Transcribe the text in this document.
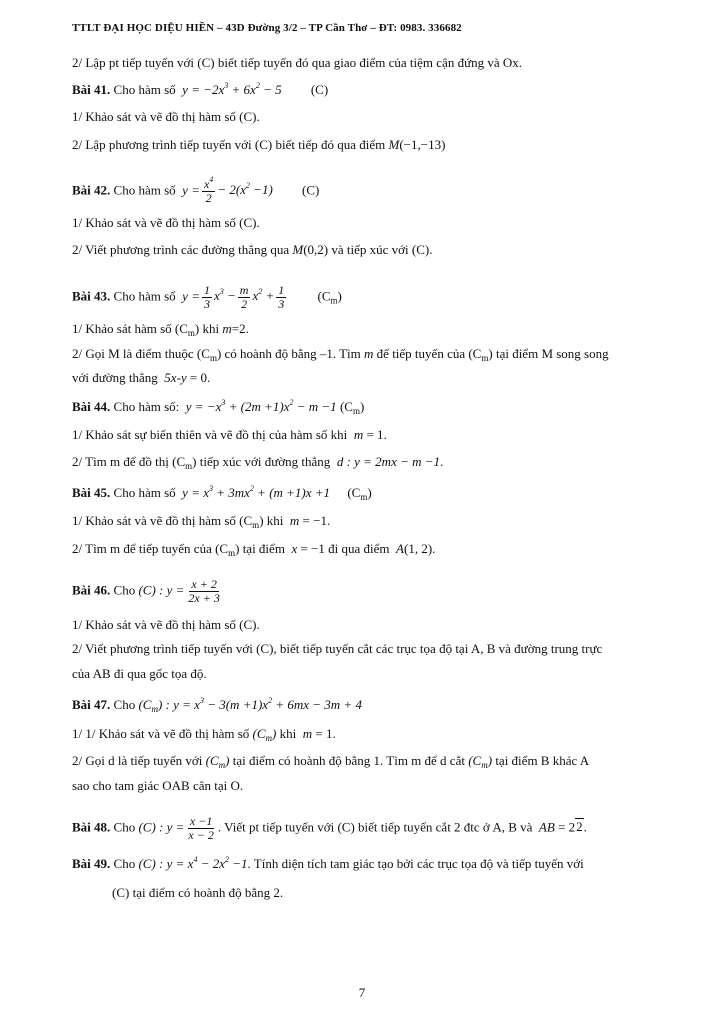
TTLT ĐẠI HỌC DIỆU HIỀN – 43D Đường 3/2 – TP Cần Thơ – ĐT: 0983. 336682
2/ Lập pt tiếp tuyến với (C) biết tiếp tuyến đó qua giao điểm của tiệm cận đứng và Ox.
Bài 41. Cho hàm số  $y = -2x^3 + 6x^2 - 5$ (C)
1/ Khảo sát và vẽ đồ thị hàm số (C).
2/ Lập phương trình tiếp tuyến với (C) biết tiếp đó qua điểm M(−1,−13)
Bài 42. Cho hàm số  $y = \frac{x^4}{2} - 2(x^2 -1)$ (C)
1/ Khảo sát và vẽ đồ thị hàm số (C).
2/ Viết phương trình các đường thẳng qua M(0,2) và tiếp xúc với (C).
Bài 43. Cho hàm số  $y = \frac{1}{3} x^3 - \frac{m}{2} x^2 + \frac{1}{3} (C_m)$
1/ Khảo sát hàm số $(C_m)$ khi m=2.
2/ Gọi M là điểm thuộc $(C_m)$ có hoành độ bằng –1. Tìm m để tiếp tuyến của $(C_m)$ tại điểm M song song
với đường thẳng  5x-y = 0.
Bài 44. Cho hàm số:  $y = -x^3 + (2m +1)x^2 - m -1$ $(C_m)$
1/ Khảo sát sự biến thiên và vẽ đồ thị của hàm số khi  m = 1.
2/ Tìm m để đồ thị $(C_m)$ tiếp xúc với đường thẳng  d : y = 2mx − m −1.
Bài 45. Cho hàm số  $y = x^3 + 3mx^2 + (m +1)x +1$ $(C_m)$
1/ Khảo sát và vẽ đồ thị hàm số $(C_m)$ khi  m = −1.
2/ Tìm m để tiếp tuyến của $(C_m)$ tại điểm  x = −1 đi qua điểm  A(1, 2).
Bài 46. Cho (C) : $y = \frac{x + 2}{2x + 3}$
1/ Khảo sát và vẽ đồ thị hàm số (C).
2/ Viết phương trình tiếp tuyến với (C), biết tiếp tuyến cắt các trục tọa độ tại A, B và đường trung trực
của AB đi qua gốc tọa độ.
Bài 47. Cho $(C_m)$ : $y = x^3 - 3(m +1)x^2 + 6mx - 3m + 4$
1/ 1/ Khảo sát và vẽ đồ thị hàm số $(C_m)$ khi  m = 1.
2/ Gọi d là tiếp tuyến với $(C_m)$ tại điểm có hoành độ bằng 1. Tìm m để d cắt $(C_m)$ tại điểm B khác A
sao cho tam giác OAB cân tại O.
Bài 48. Cho (C) : $y = \frac{x -1}{x - 2}$ . Viết pt tiếp tuyến với (C) biết tiếp tuyến cắt 2 đtc ở A, B và  AB = 22.
Bài 49. Cho (C) : $y = x^4 - 2x^2 -1$. Tính diện tích tam giác tạo bởi các trục tọa độ và tiếp tuyến với
(C) tại điểm có hoành độ bằng 2.
7
